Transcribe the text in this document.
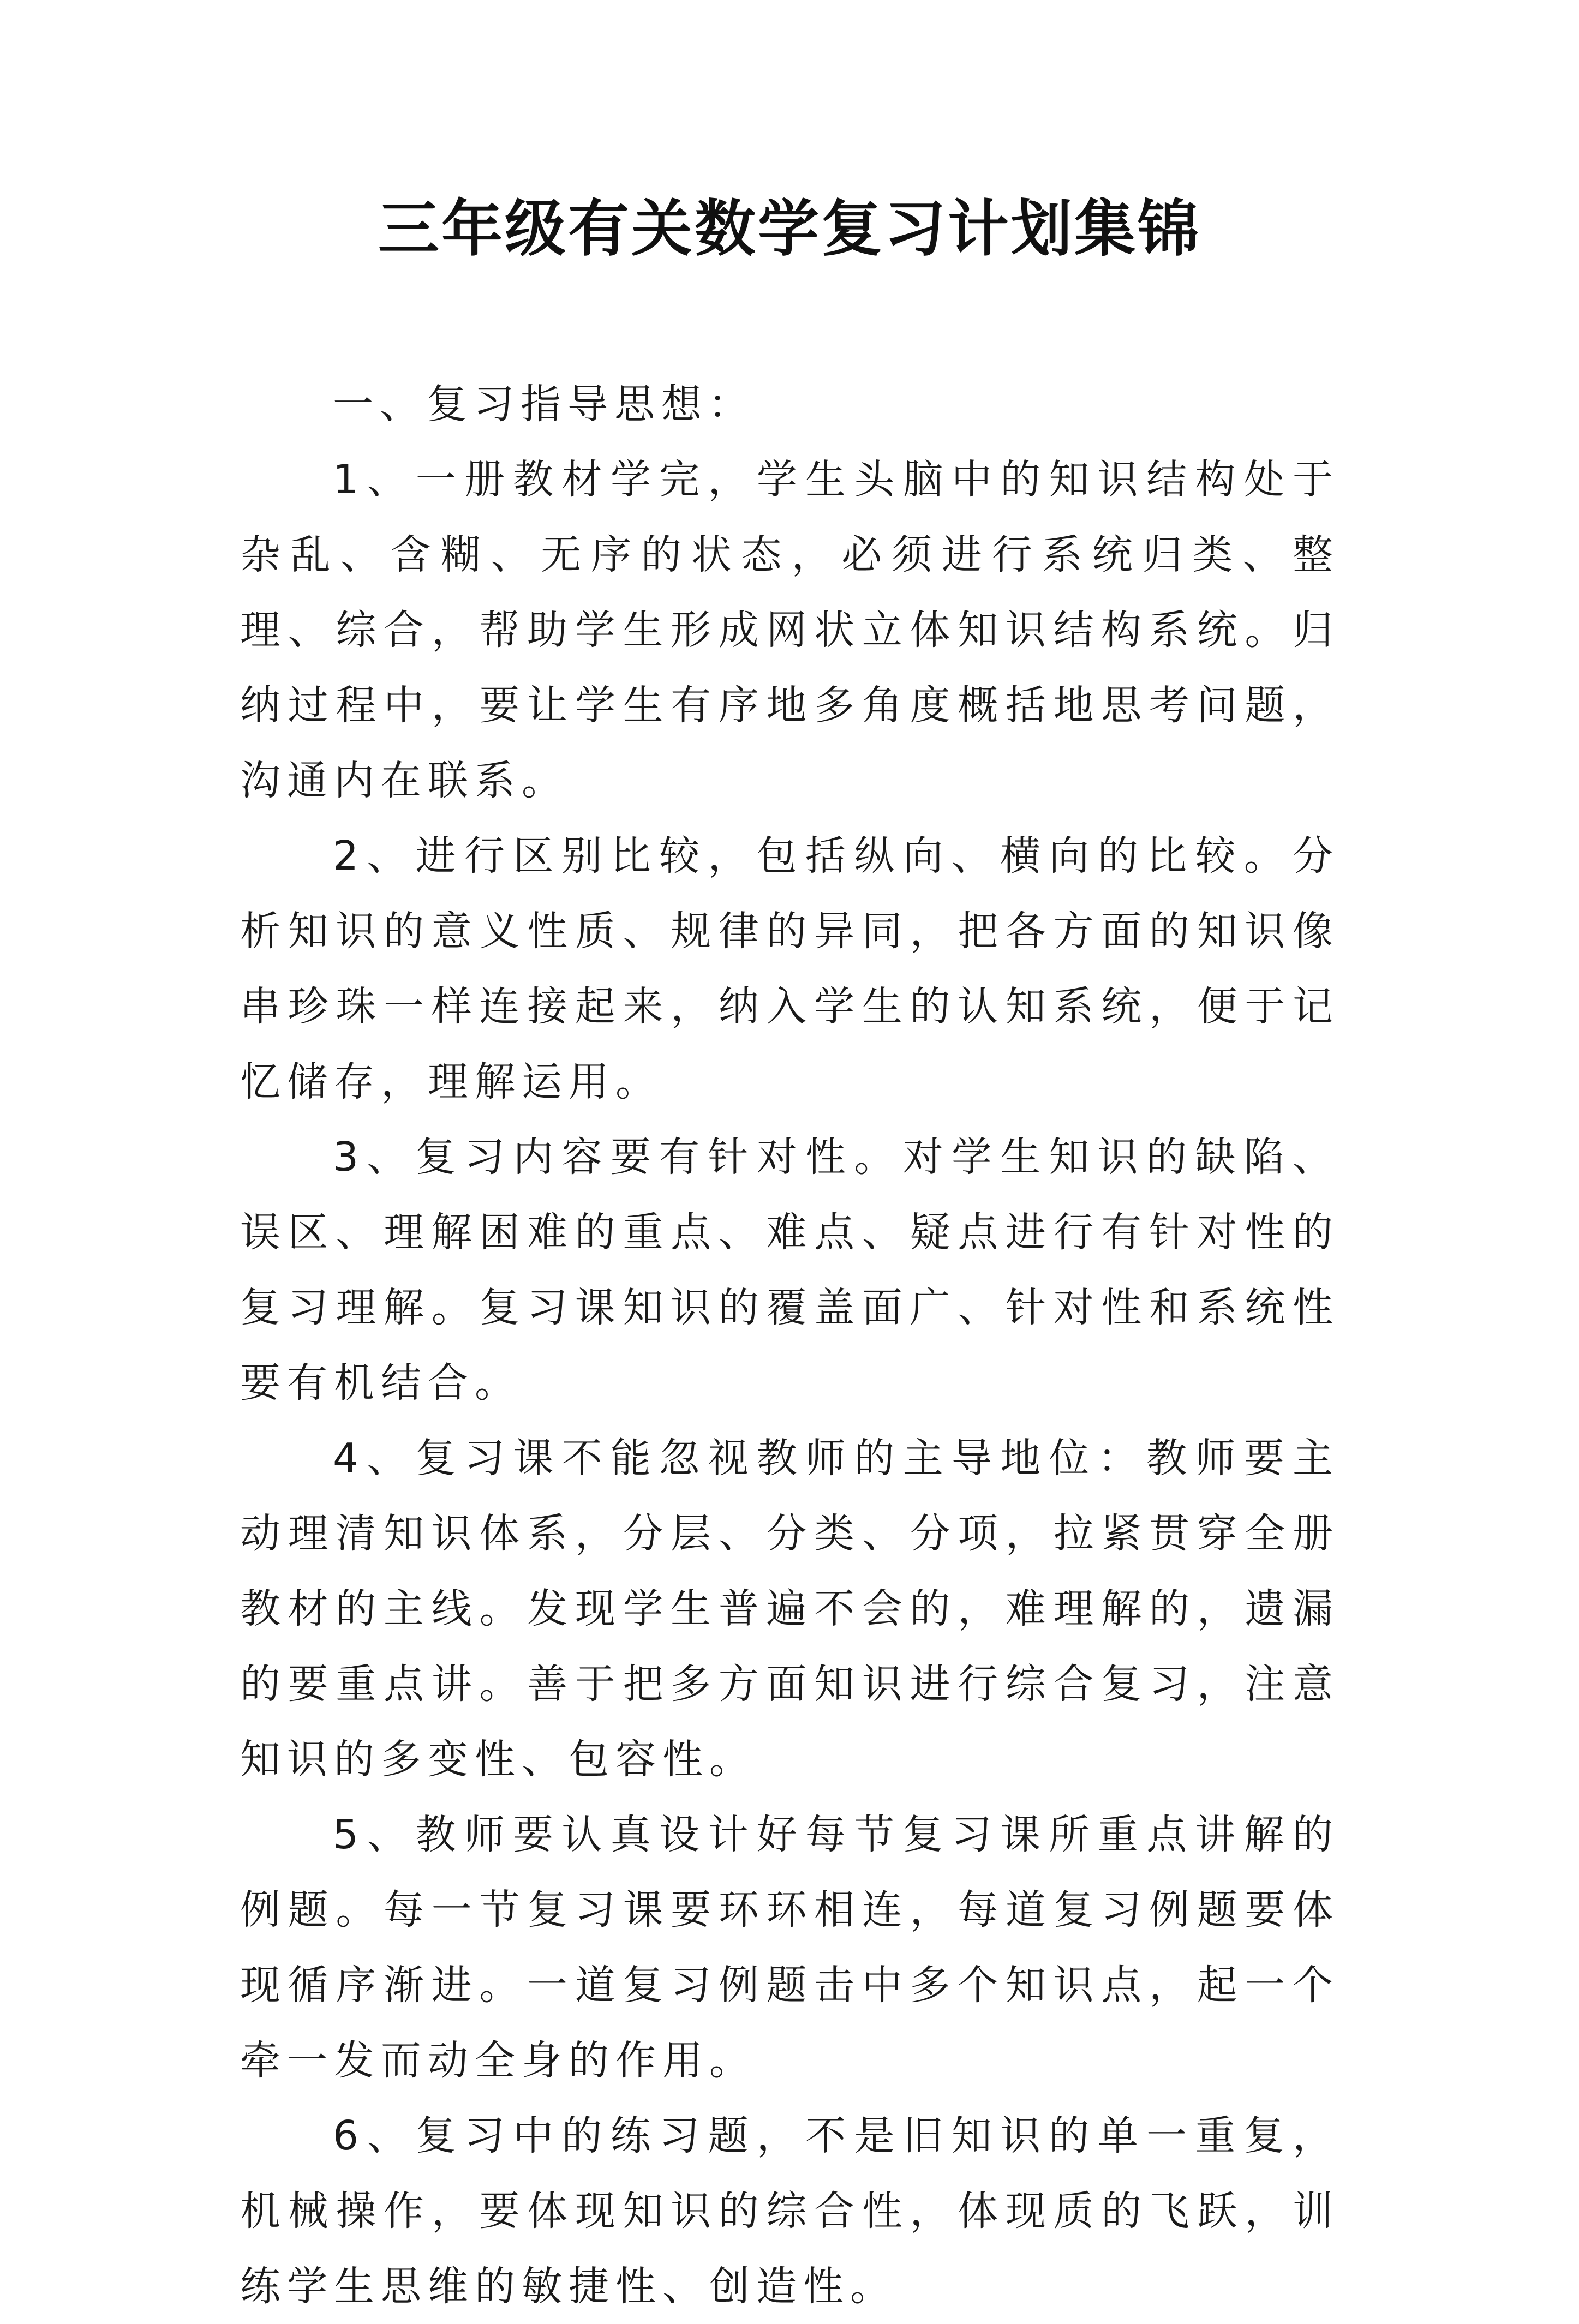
三年级有关数学复习计划集锦

一、复习指导思想：

1、一册教材学完，学生头脑中的知识结构处于杂乱、含糊、无序的状态，必须进行系统归类、整理、综合，帮助学生形成网状立体知识结构系统。归纳过程中，要让学生有序地多角度概括地思考问题，沟通内在联系。

2、进行区别比较，包括纵向、横向的比较。分析知识的意义性质、规律的异同，把各方面的知识像串珍珠一样连接起来，纳入学生的认知系统，便于记忆储存，理解运用。

3、复习内容要有针对性。对学生知识的缺陷、误区、理解困难的重点、难点、疑点进行有针对性的复习理解。复习课知识的覆盖面广、针对性和系统性要有机结合。

4、复习课不能忽视教师的主导地位：教师要主动理清知识体系，分层、分类、分项，拉紧贯穿全册教材的主线。发现学生普遍不会的，难理解的，遗漏的要重点讲。善于把多方面知识进行综合复习，注意知识的多变性、包容性。

5、教师要认真设计好每节复习课所重点讲解的例题。每一节复习课要环环相连，每道复习例题要体现循序渐进。一道复习例题击中多个知识点，起一个牵一发而动全身的作用。

6、复习中的练习题，不是旧知识的单一重复，机械操作，要体现知识的综合性，体现质的飞跃，训练学生思维的敏捷性、创造性。
